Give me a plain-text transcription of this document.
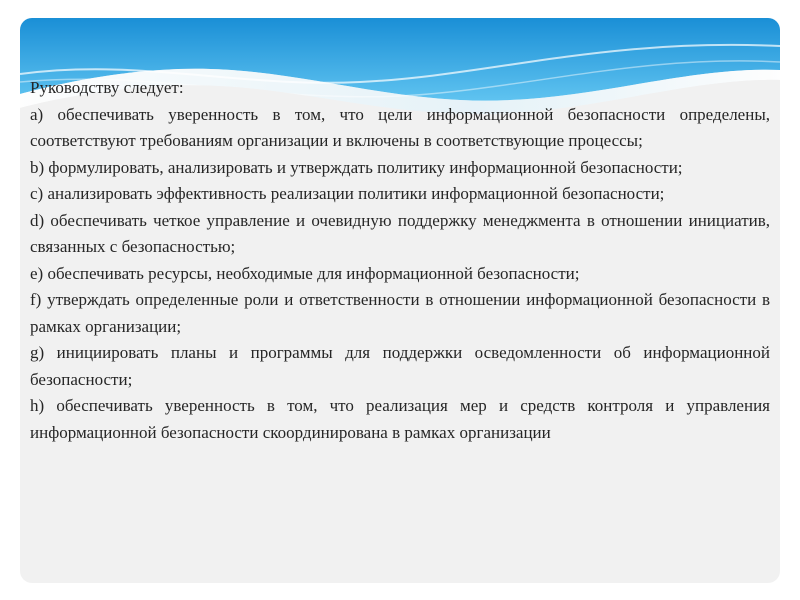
Руководству следует:

a) обеспечивать уверенность в том, что цели информационной безопасности определены, соответствуют требованиям организации и включены в соответствующие процессы;

b) формулировать, анализировать и утверждать политику информационной безопасности;

c) анализировать эффективность реализации политики информационной безопасности;

d) обеспечивать четкое управление и очевидную поддержку менеджмента в отношении инициатив, связанных с безопасностью;

e) обеспечивать ресурсы, необходимые для информационной безопасности;

f) утверждать определенные роли и ответственности в отношении информационной безопасности в рамках организации;

g) инициировать планы и программы для поддержки осведомленности об информационной безопасности;

h) обеспечивать уверенность в том, что реализация мер и средств контроля и управления информационной безопасности скоординирована в рамках организации
